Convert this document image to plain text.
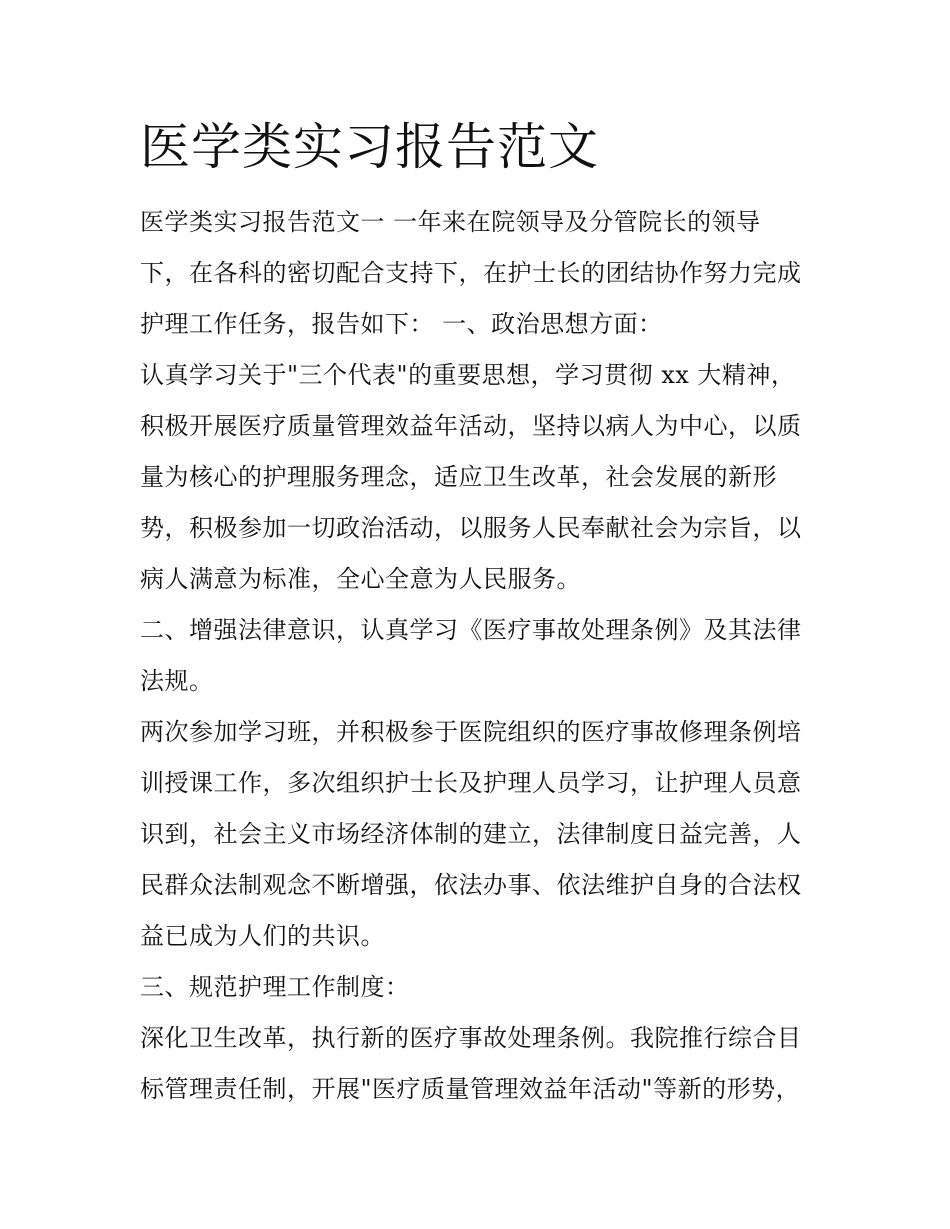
医学类实习报告范文
医学类实习报告范文一 一年来在院领导及分管院长的领导
下，在各科的密切配合支持下，在护士长的团结协作努力完成
护理工作任务，报告如下： 一、政治思想方面：
认真学习关于"三个代表"的重要思想，学习贯彻 xx 大精神，
积极开展医疗质量管理效益年活动，坚持以病人为中心，以质
量为核心的护理服务理念，适应卫生改革，社会发展的新形
势，积极参加一切政治活动，以服务人民奉献社会为宗旨，以
病人满意为标准，全心全意为人民服务。
二、增强法律意识，认真学习《医疗事故处理条例》及其法律
法规。
两次参加学习班，并积极参于医院组织的医疗事故修理条例培
训授课工作，多次组织护士长及护理人员学习，让护理人员意
识到，社会主义市场经济体制的建立，法律制度日益完善，人
民群众法制观念不断增强，依法办事、依法维护自身的合法权
益已成为人们的共识。
三、规范护理工作制度：
深化卫生改革，执行新的医疗事故处理条例。我院推行综合目
标管理责任制，开展"医疗质量管理效益年活动"等新的形势，
